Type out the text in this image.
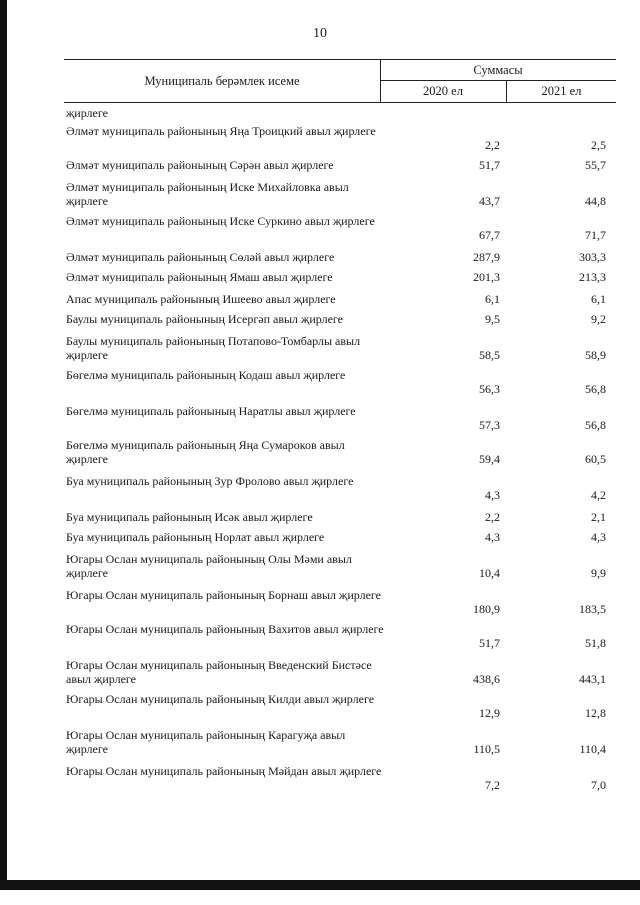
10
Муниципаль берәмлек исеме
Суммасы
2020 ел	2021 ел
җирлеге
Әлмәт муниципаль районының Яңа Троицкий авыл җирлеге
2,2	2,5
Әлмәт муниципаль районының Сәрән авыл җирлеге	51,7	55,7
Әлмәт муниципаль районының Иске Михайловка авыл җирлеге	43,7	44,8
Әлмәт муниципаль районының Иске Суркино авыл җирлеге
67,7	71,7
Әлмәт муниципаль районының Сөләй авыл җирлеге	287,9	303,3
Әлмәт муниципаль районының Ямаш авыл җирлеге	201,3	213,3
Апас муниципаль районының Ишеево авыл җирлеге	6,1	6,1
Баулы муниципаль районының Исергәп авыл җирлеге	9,5	9,2
Баулы муниципаль районының Потапово-Томбарлы авыл җирлеге	58,5	58,9
Бөгелмә муниципаль районының Кодаш авыл җирлеге
56,3	56,8
Бөгелмә муниципаль районының Наратлы авыл җирлеге
57,3	56,8
Бөгелмә муниципаль районының Яңа Сумароков авыл җирлеге	59,4	60,5
Буа муниципаль районының Зур Фролово авыл җирлеге
4,3	4,2
Буа муниципаль районының Исәк авыл җирлеге	2,2	2,1
Буа муниципаль районының Норлат авыл җирлеге	4,3	4,3
Югары Ослан муниципаль районының Олы Мәми авыл җирлеге	10,4	9,9
Югары Ослан муниципаль районының Борнаш авыл җирлеге
180,9	183,5
Югары Ослан муниципаль районының Вахитов авыл җирлеге
51,7	51,8
Югары Ослан муниципаль районының Введенский Бистәсе авыл җирлеге	438,6	443,1
Югары Ослан муниципаль районының Килди авыл җирлеге
12,9	12,8
Югары Ослан муниципаль районының Карагуҗа авыл җирлеге	110,5	110,4
Югары Ослан муниципаль районының Мәйдан авыл җирлеге
7,2	7,0
